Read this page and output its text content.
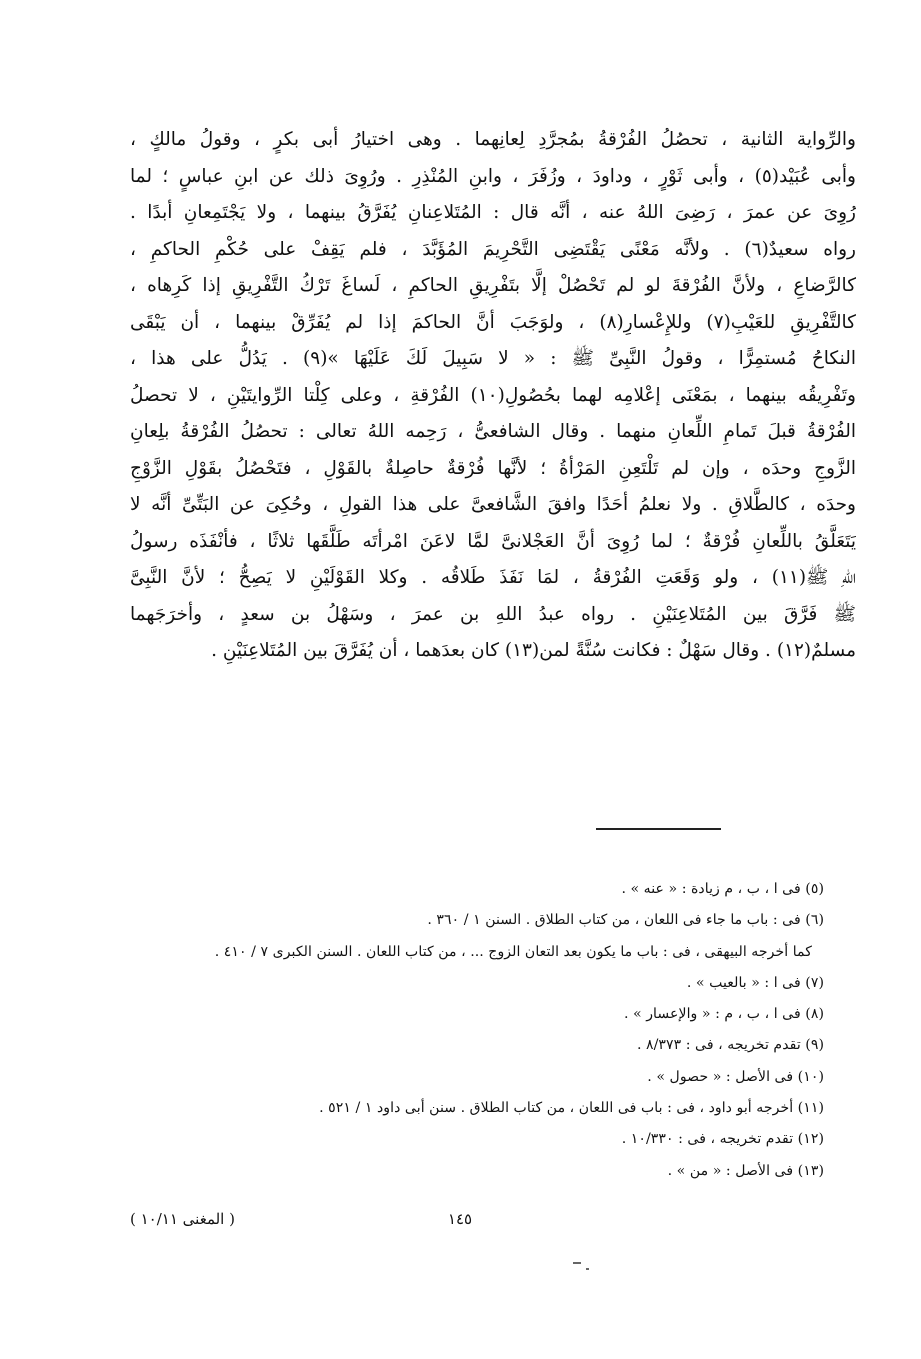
والرِّواية الثانية ، تحصُلُ الفُرْقةُ بمُجرَّدِ لِعانِهما . وهى اختيارُ أبى بكرٍ ، وقولُ مالكٍ ،
وأبى عُبَيْد(٥) ، وأبى ثَوْرٍ ، وداودَ ، وزُفَرَ ، وابنِ المُنْذِرِ . ورُوِىَ ذلك عن ابنِ عباسٍ ؛ لما
رُوِىَ عن عمرَ ، رَضِىَ اللهُ عنه ، أنَّه قال : المُتَلاعِنانِ يُفَرَّقُ بينهما ، ولا يَجْتَمِعانِ أبدًا .
رواه سعيدٌ(٦) . ولأنَّه مَعْنًى يَقْتَضِى التَّحْرِيمَ المُؤَبَّدَ ، فلم يَقِفْ على حُكْمِ الحاكمِ ،
كالرَّضاعِ ، ولأنَّ الفُرْقةَ لو لم تَحْصُلْ إلَّا بتَفْرِيقِ الحاكمِ ، لَساغَ تَرْكُ التَّفْرِيقِ إذا كَرِهاه ،
كالتَّفْرِيقِ للعَيْبِ(٧) وللإِعْسارِ(٨) ، ولوَجَبَ أنَّ الحاكمَ إذا لم يُفَرِّقْ بينهما ، أن يَبْقَى
النكاحُ مُستمِرًّا ، وقولُ النَّبِىِّ ﷺ : « لا سَبِيلَ لَكَ عَلَيْهَا »(٩) . يَدُلُّ على هذا ،
وتَفْرِيقُه بينهما ، بمَعْنَى إعْلامِه لهما بحُصُولِ(١٠) الفُرْقةِ ، وعلى كِلْتا الرِّوايتَيْنِ ، لا تحصلُ
الفُرْقةُ قبلَ تَمامِ اللِّعانِ منهما . وقال الشافعىُّ ، رَحِمه اللهُ تعالى : تحصُلُ الفُرْقةُ بلِعانِ
الزَّوجِ وحدَه ، وإن لم تَلْتَعِنِ المَرْأةُ ؛ لأنَّها فُرْقةٌ حاصِلةٌ بالقَوْلِ ، فتَحْصُلُ بقَوْلِ الزَّوْجِ
وحدَه ، كالطَّلاقِ . ولا نعلمُ أحَدًا وافقَ الشَّافعىَّ على هذا القولِ ، وحُكِىَ عن البَتِّىِّ أنَّه لا
يَتَعَلَّقُ باللِّعانِ فُرْقةٌ ؛ لما رُوِىَ أنَّ العَجْلانىَّ لمَّا لاعَنَ امْرأتَه طَلَّقَها ثلاثًا ، فأنْفَذَه رسولُ
اللهِ ﷺ(١١) ، ولو وَقَعَتِ الفُرْقةُ ، لمَا نَفَذَ طَلاقُه . وكلا القَوْلَيْنِ لا يَصِحُّ ؛ لأنَّ النَّبِىَّ
ﷺ فَرَّقَ بين المُتَلاعِنَيْنِ . رواه عبدُ اللهِ بن عمرَ ، وسَهْلُ بن سعدٍ ، وأخرَجَهما
مسلمٌ(١٢) . وقال سَهْلٌ : فكانت سُنَّةً لمن(١٣) كان بعدَهما ، أن يُفَرَّقَ بين المُتَلاعِنَيْنِ .
(٥) فى ا ، ب ، م زيادة : « عنه » .
(٦) فى : باب ما جاء فى اللعان ، من كتاب الطلاق . السنن ١ / ٣٦٠ .
كما أخرجه البيهقى ، فى : باب ما يكون بعد التعان الزوج ... ، من كتاب اللعان . السنن الكبرى ٧ / ٤١٠ .
(٧) فى ا : « بالعيب » .
(٨) فى ا ، ب ، م : « والإعسار » .
(٩) تقدم تخريجه ، فى : ٨/٣٧٣ .
(١٠) فى الأصل : « حصول » .
(١١) أخرجه أبو داود ، فى : باب فى اللعان ، من كتاب الطلاق . سنن أبى داود ١ / ٥٢١ .
(١٢) تقدم تخريجه ، فى : ١٠/٣٣٠ .
(١٣) فى الأصل : « من » .
١٤٥
( المغنى ١٠/١١ )
